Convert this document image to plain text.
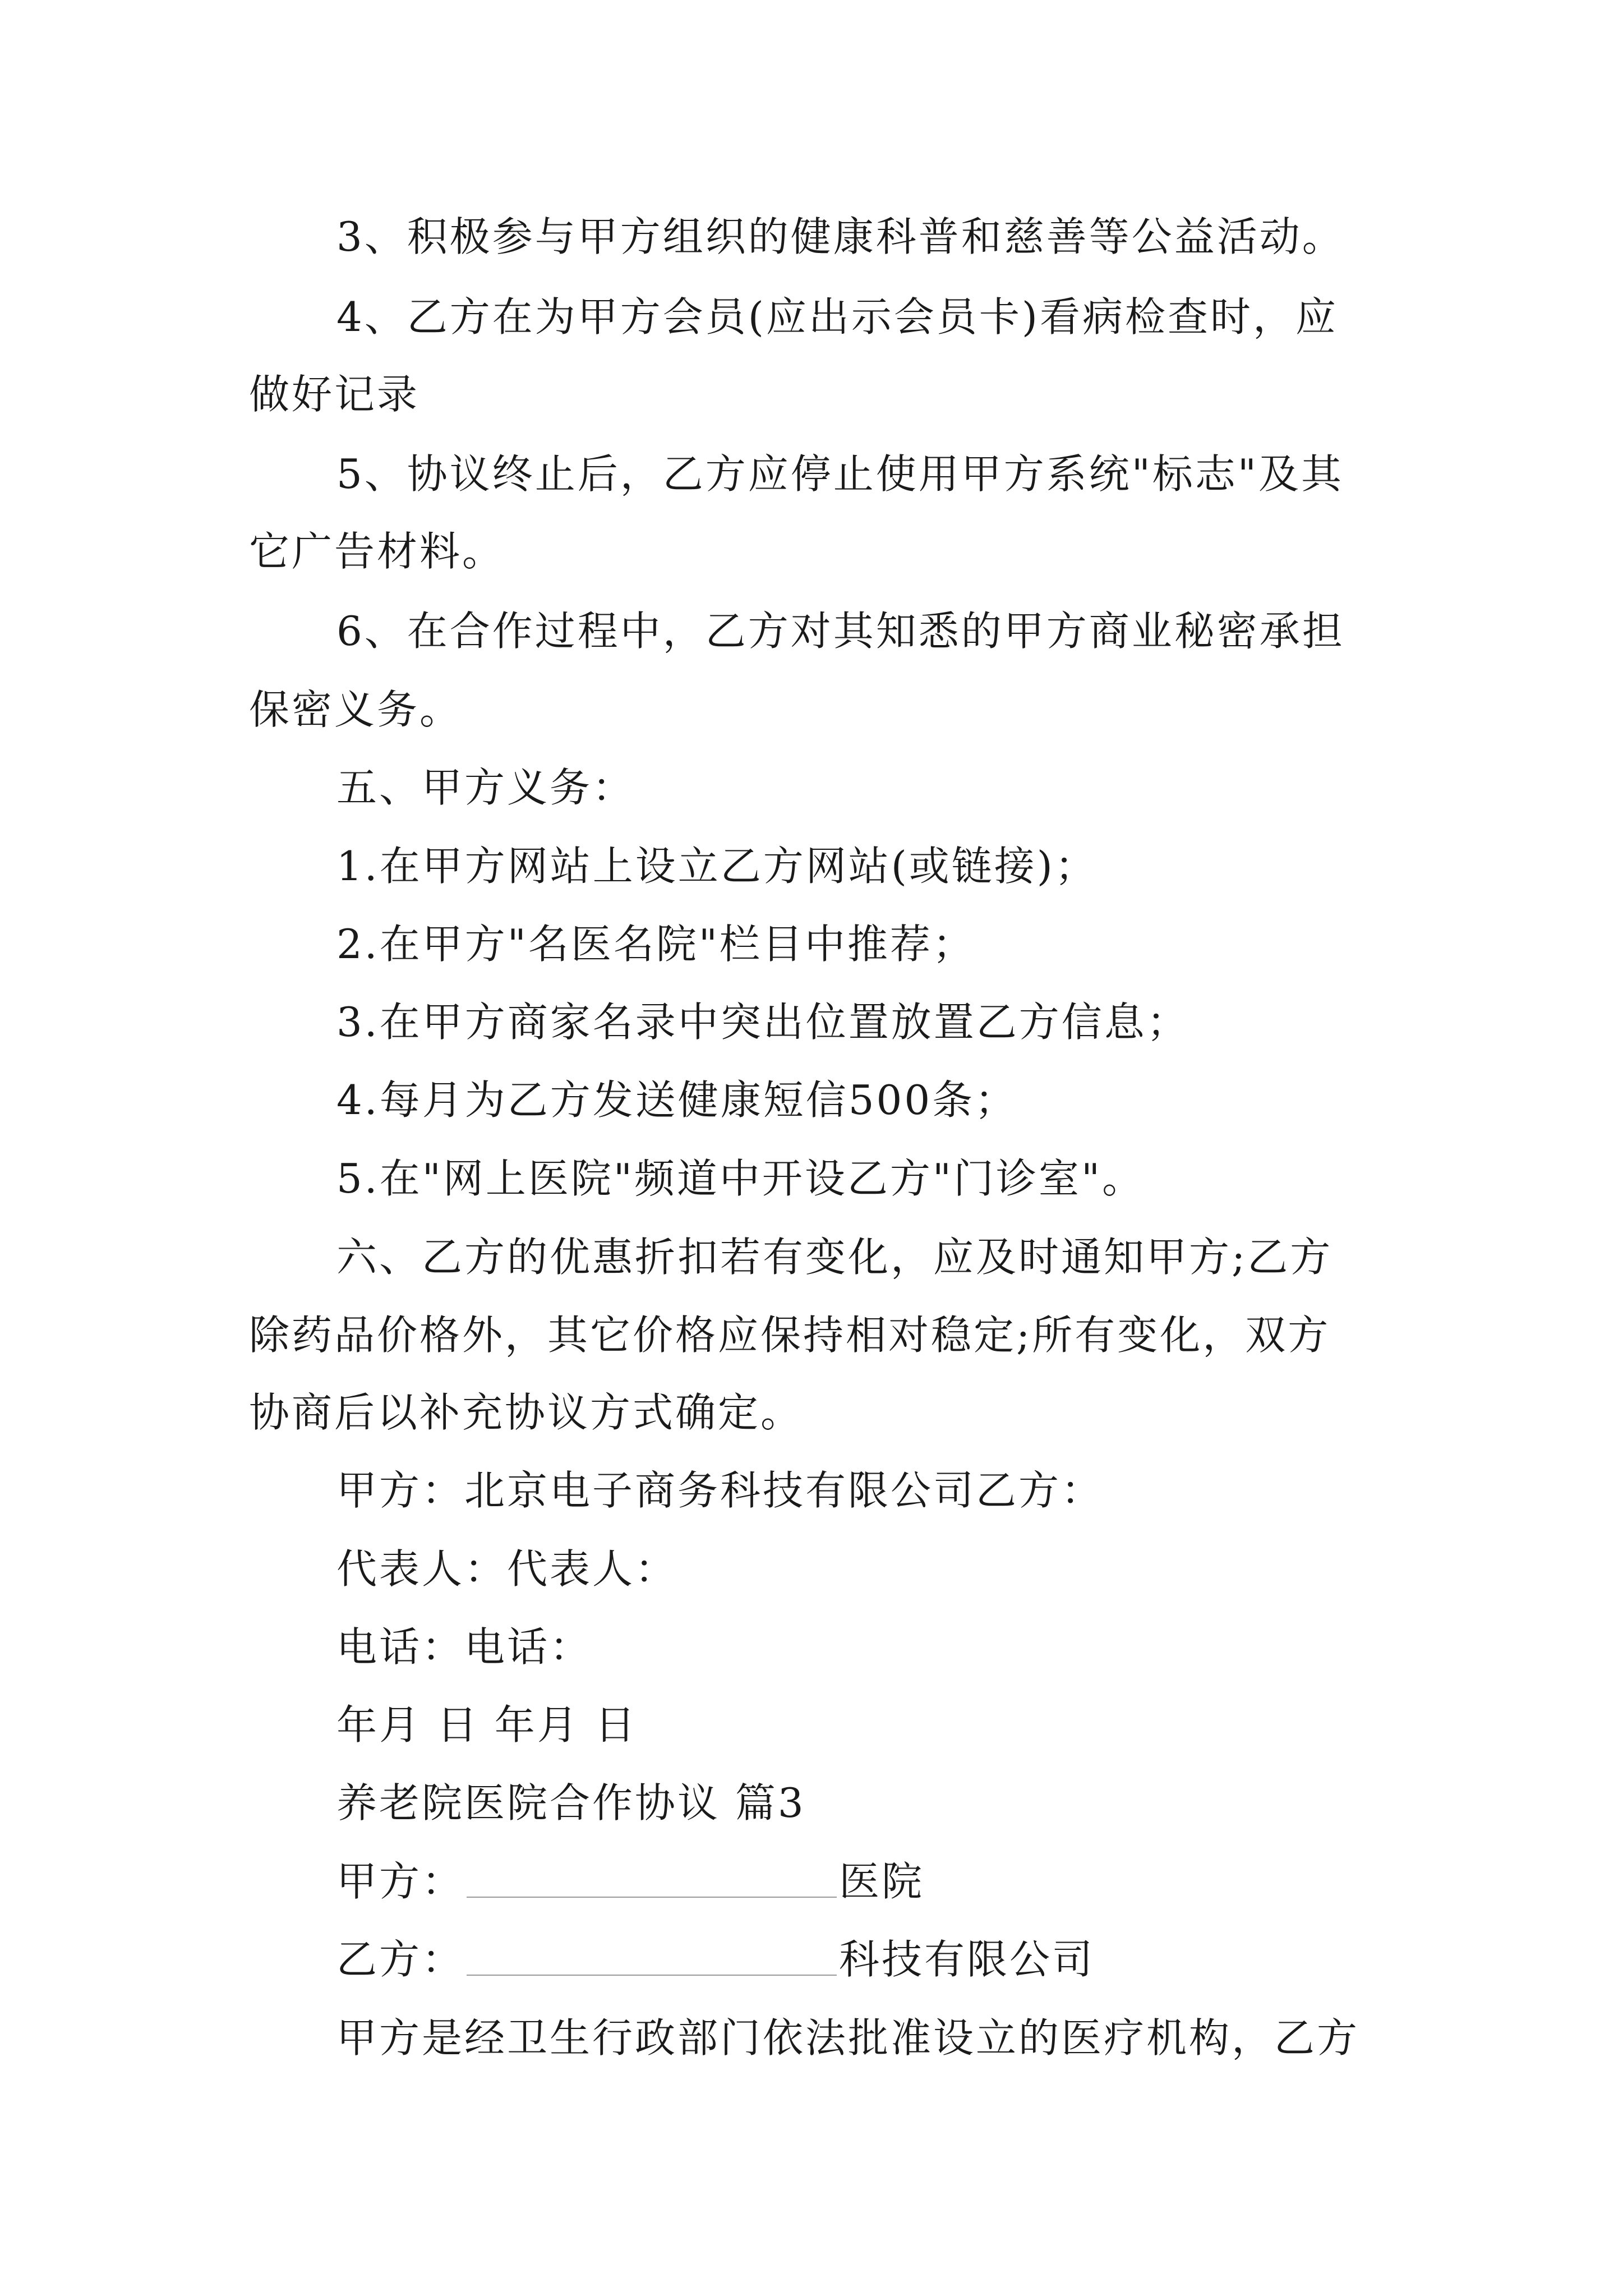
3、积极参与甲方组织的健康科普和慈善等公益活动。
4、乙方在为甲方会员(应出示会员卡)看病检查时，应
做好记录
5、协议终止后，乙方应停止使用甲方系统"标志"及其
它广告材料。
6、在合作过程中，乙方对其知悉的甲方商业秘密承担
保密义务。
五、甲方义务：
1.在甲方网站上设立乙方网站(或链接)；
2.在甲方"名医名院"栏目中推荐；
3.在甲方商家名录中突出位置放置乙方信息；
4.每月为乙方发送健康短信500条；
5.在"网上医院"频道中开设乙方"门诊室"。
六、乙方的优惠折扣若有变化，应及时通知甲方;乙方
除药品价格外，其它价格应保持相对稳定;所有变化，双方
协商后以补充协议方式确定。
甲方：北京电子商务科技有限公司乙方：
代表人：代表人：
电话：电话：
年月 日 年月 日
养老院医院合作协议 篇3
甲方：	医院
乙方：	科技有限公司
甲方是经卫生行政部门依法批准设立的医疗机构，乙方
